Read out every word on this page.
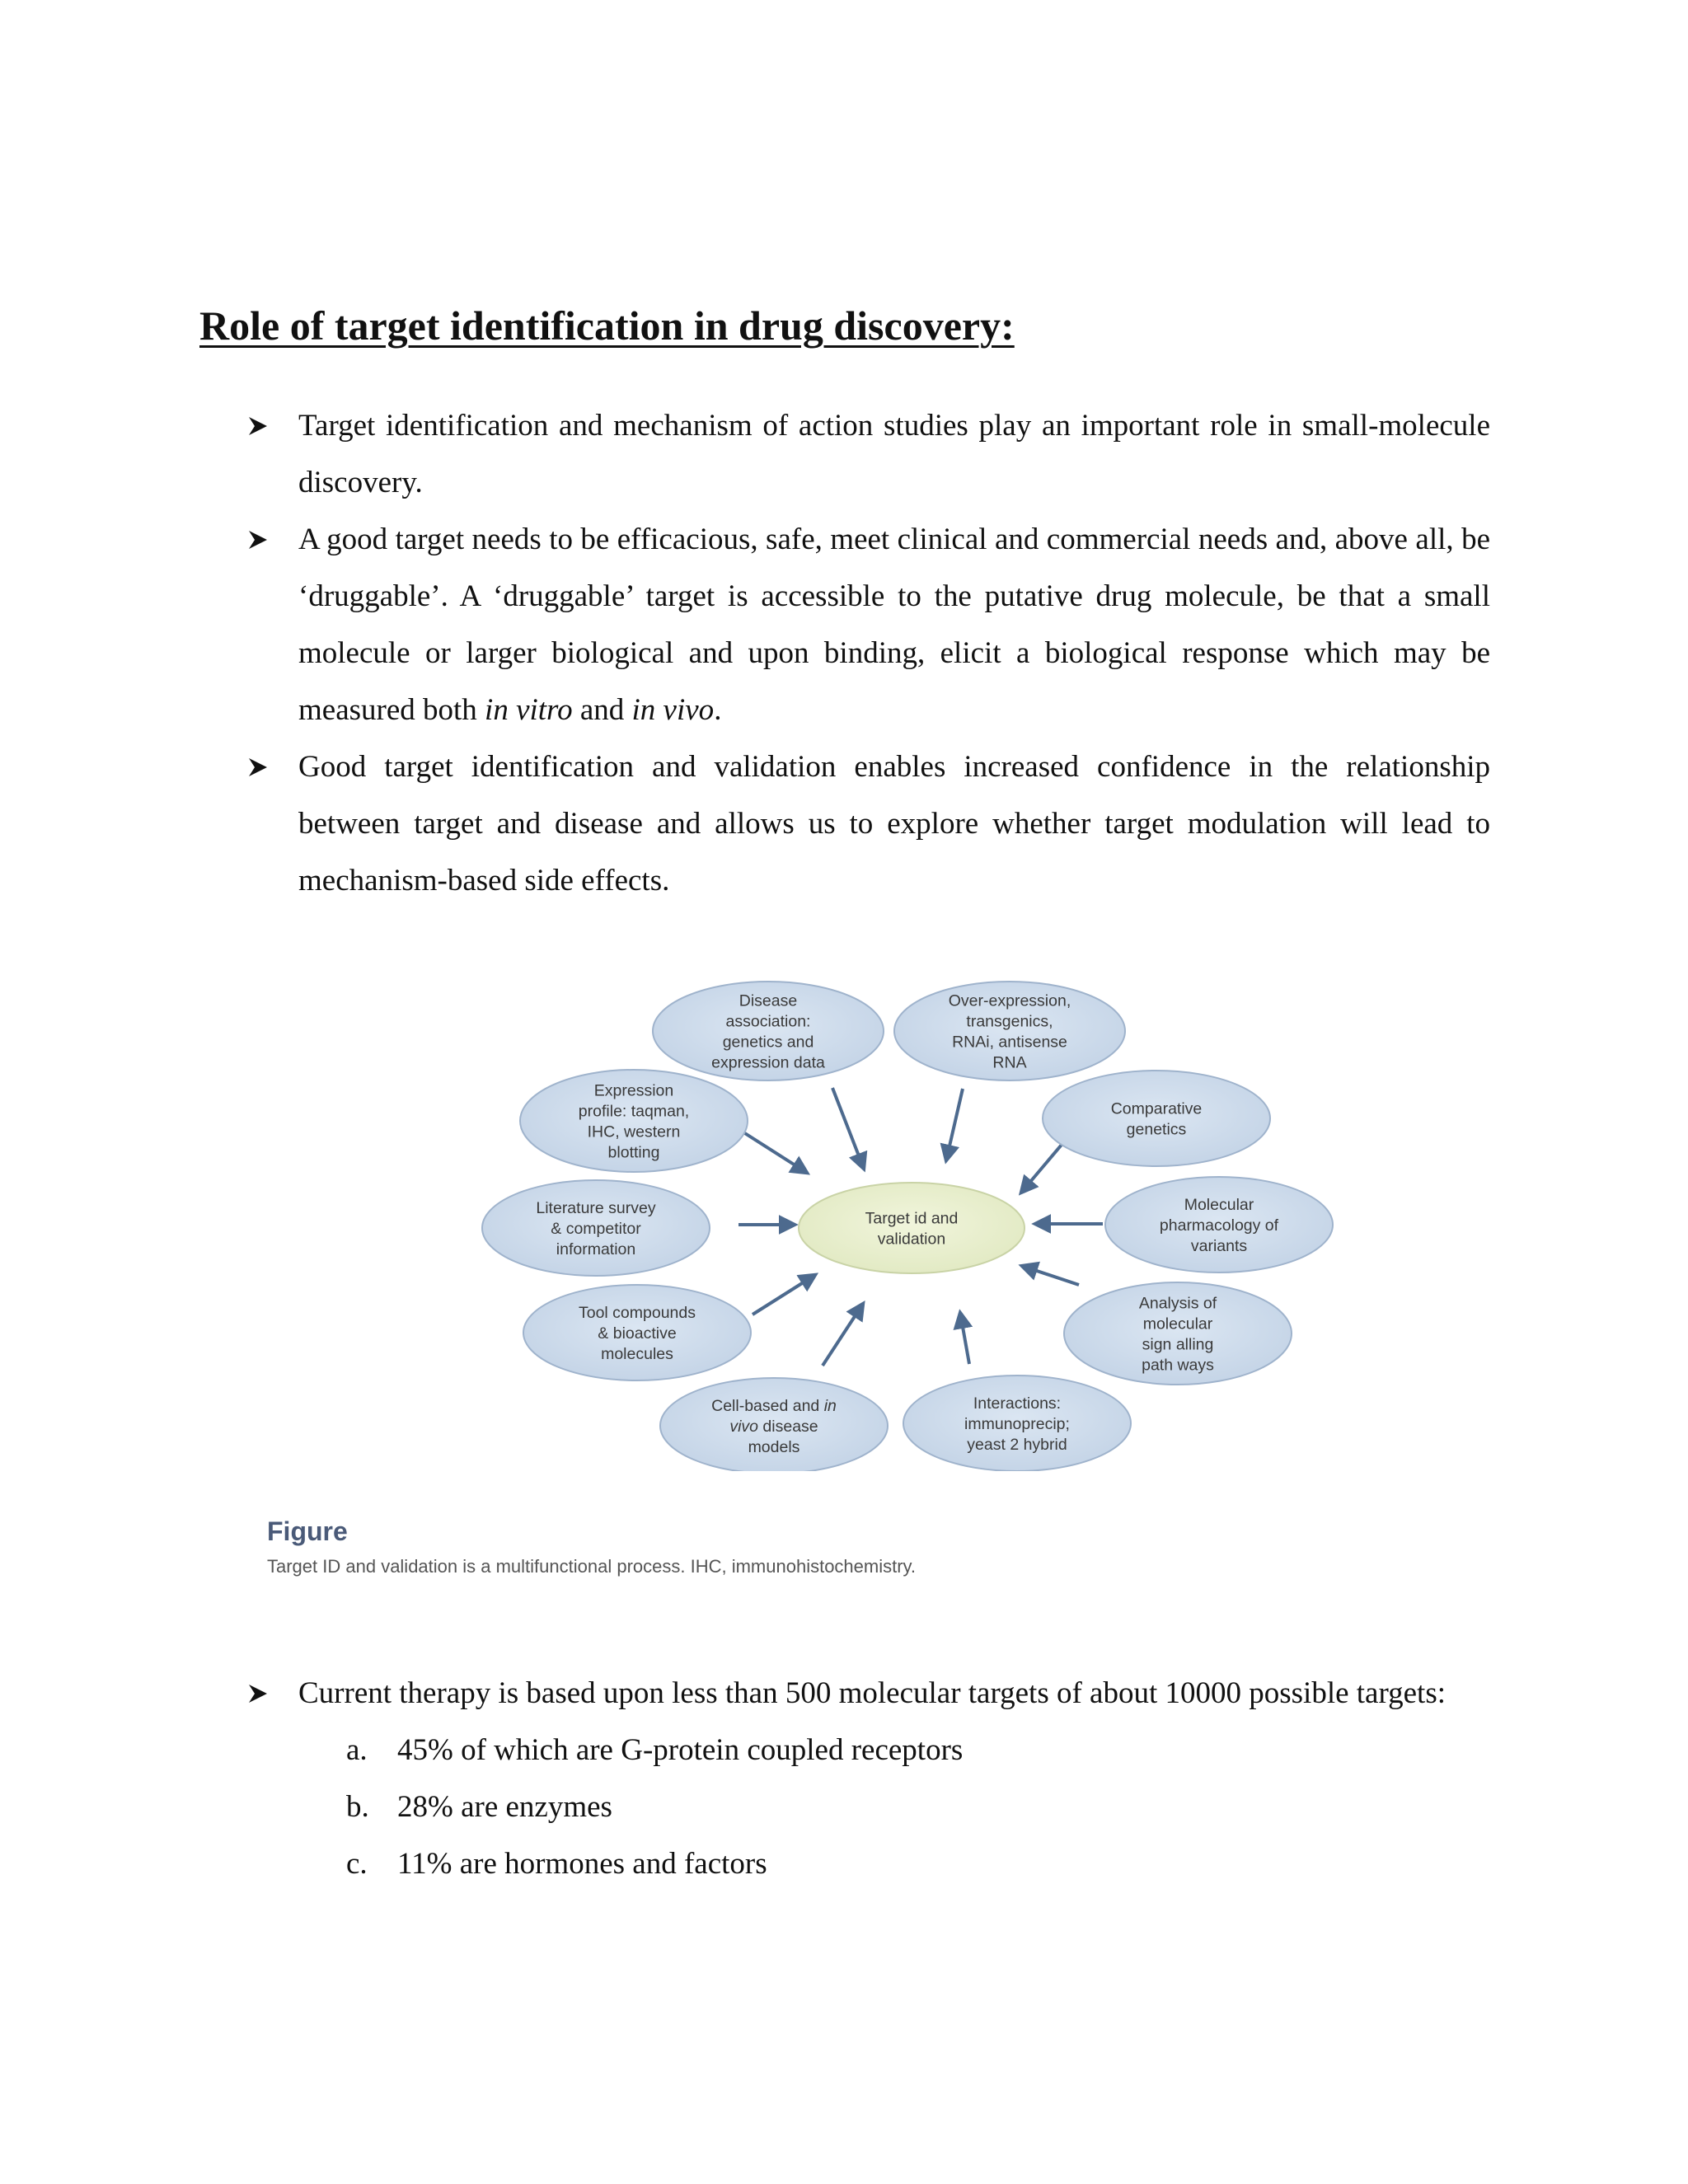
Role of target identification in drug discovery:

Target identification and mechanism of action studies play an important role in small-molecule discovery.

A good target needs to be efficacious, safe, meet clinical and commercial needs and, above all, be ‘druggable’. A ‘druggable’ target is accessible to the putative drug molecule, be that a small molecule or larger biological and upon binding, elicit a biological response which may be measured both in vitro and in vivo.

Good target identification and validation enables increased confidence in the relationship between target and disease and allows us to explore whether target modulation will lead to mechanism-based side effects.

Disease
association:
genetics and
expression data
Over-expression,
transgenics,
RNAi, antisense
RNA
Comparative
genetics
Molecular
pharmacology of
variants
Analysis of
molecular
sign alling
path ways
Interactions:
immunoprecip;
yeast 2 hybrid
Cell-based and in
vivo disease
models
Tool compounds
& bioactive
molecules
Literature survey
& competitor
information
Expression
profile: taqman,
IHC, western
blotting
Target id and
validation

Figure

Target ID and validation is a multifunctional process. IHC, immunohistochemistry.

Current therapy is based upon less than 500 molecular targets of about 10000 possible targets:

a. 45% of which are G-protein coupled receptors
b. 28% are enzymes
c. 11% are hormones and factors
